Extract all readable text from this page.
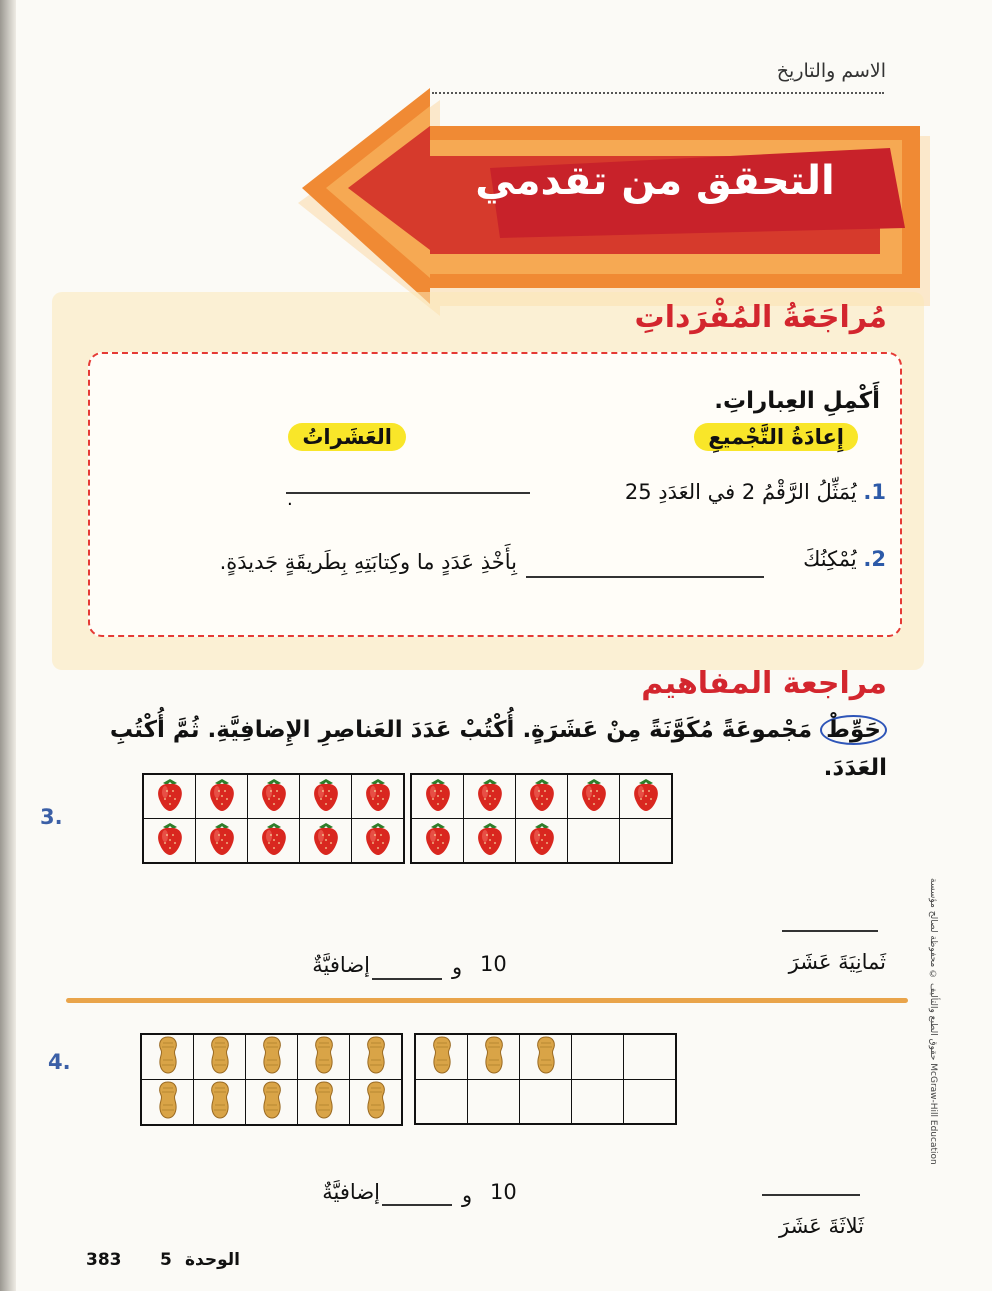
الاسم والتاريخ
التحقق من تقدمي
مُراجَعَةُ المُفْرَداتِ
أَكْمِلِ العِباراتِ.
إِعادَةُ التَّجْميعِ
العَشَراتُ
1. يُمَثِّلُ الرَّقْمُ 2 في العَدَدِ 25
.
2. يُمْكِنُكَ
بِأَخْذِ عَدَدٍ ما وكِتابَتِهِ بِطَريقَةٍ جَديدَةٍ.
مراجعة المفاهيم
حَوِّطْ مَجْموعَةً مُكَوَّنَةً مِنْ عَشَرَةٍ. أُكْتُبْ عَدَدَ العَناصِرِ الإِضافِيَّةِ. ثُمَّ أُكْتُبِ العَدَدَ.
3.

ثَمانِيَةَ عَشَرَ
10
و
إضافيَّةٌ
4.

ثَلاثَةَ عَشَرَ
10
و
إضافيَّةٌ
حقوق الطبع والتأليف © محفوظة لصالح مؤسسة McGraw-Hill Education
383 5 الوحدة
